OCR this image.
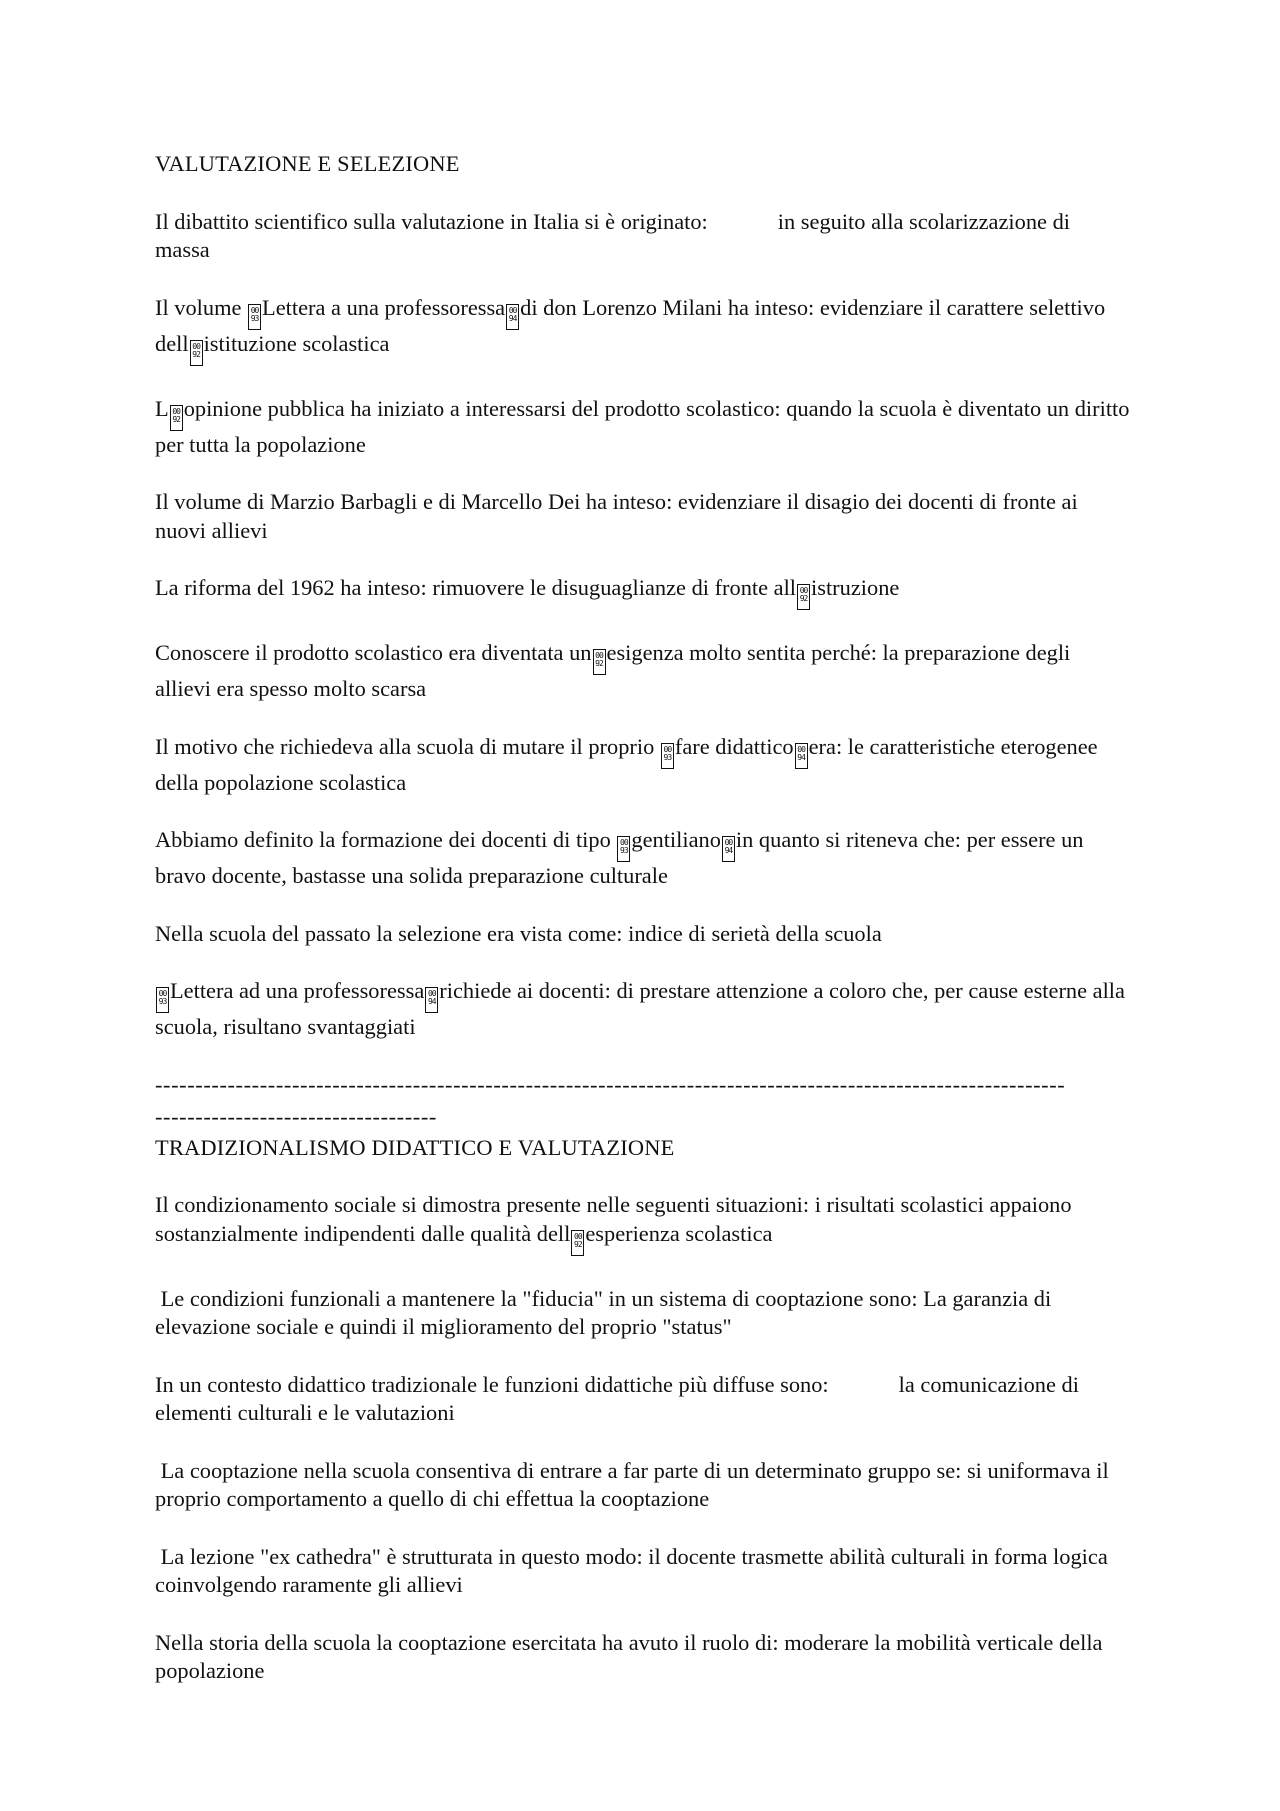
VALUTAZIONE E SELEZIONE

Il dibattito scientifico sulla valutazione in Italia si è originato:	in seguito alla scolarizzazione di massa

Il volume 00 93 Lettera a una professoressa 00 94 di don Lorenzo Milani ha inteso: evidenziare il carattere selettivo dell 00 92 istituzione scolastica

L 00 92 opinione pubblica ha iniziato a interessarsi del prodotto scolastico: quando la scuola è diventato un diritto per tutta la popolazione

Il volume di Marzio Barbagli e di Marcello Dei ha inteso: evidenziare il disagio dei docenti di fronte ai nuovi allievi

La riforma del 1962 ha inteso: rimuovere le disuguaglianze di fronte all 00 92 istruzione

Conoscere il prodotto scolastico era diventata un 00 92 esigenza molto sentita perché: la preparazione degli allievi era spesso molto scarsa

Il motivo che richiedeva alla scuola di mutare il proprio 00 93 fare didattico 00 94 era: le caratteristiche eterogenee della popolazione scolastica

Abbiamo definito la formazione dei docenti di tipo 00 93 gentiliano 00 94 in quanto si riteneva che: per essere un bravo docente, bastasse una solida preparazione culturale

Nella scuola del passato la selezione era vista come: indice di serietà della scuola

00 93 Lettera ad una professoressa 00 94 richiede ai docenti: di prestare attenzione a coloro che, per cause esterne alla scuola, risultano svantaggiati

-----------------------------------------------------------------------------------------------------------------
-----------------------------------

TRADIZIONALISMO DIDATTICO E VALUTAZIONE

Il condizionamento sociale si dimostra presente nelle seguenti situazioni: i risultati scolastici appaiono sostanzialmente indipendenti dalle qualità dell 00 92 esperienza scolastica

Le condizioni funzionali a mantenere la "fiducia" in un sistema di cooptazione sono: La garanzia di elevazione sociale e quindi il miglioramento del proprio "status"

In un contesto didattico tradizionale le funzioni didattiche più diffuse sono:	la comunicazione di elementi culturali e le valutazioni

La cooptazione nella scuola consentiva di entrare a far parte di un determinato gruppo se: si uniformava il proprio comportamento a quello di chi effettua la cooptazione

La lezione "ex cathedra" è strutturata in questo modo: il docente trasmette abilità culturali in forma logica coinvolgendo raramente gli allievi

Nella storia della scuola la cooptazione esercitata ha avuto il ruolo di: moderare la mobilità verticale della popolazione
